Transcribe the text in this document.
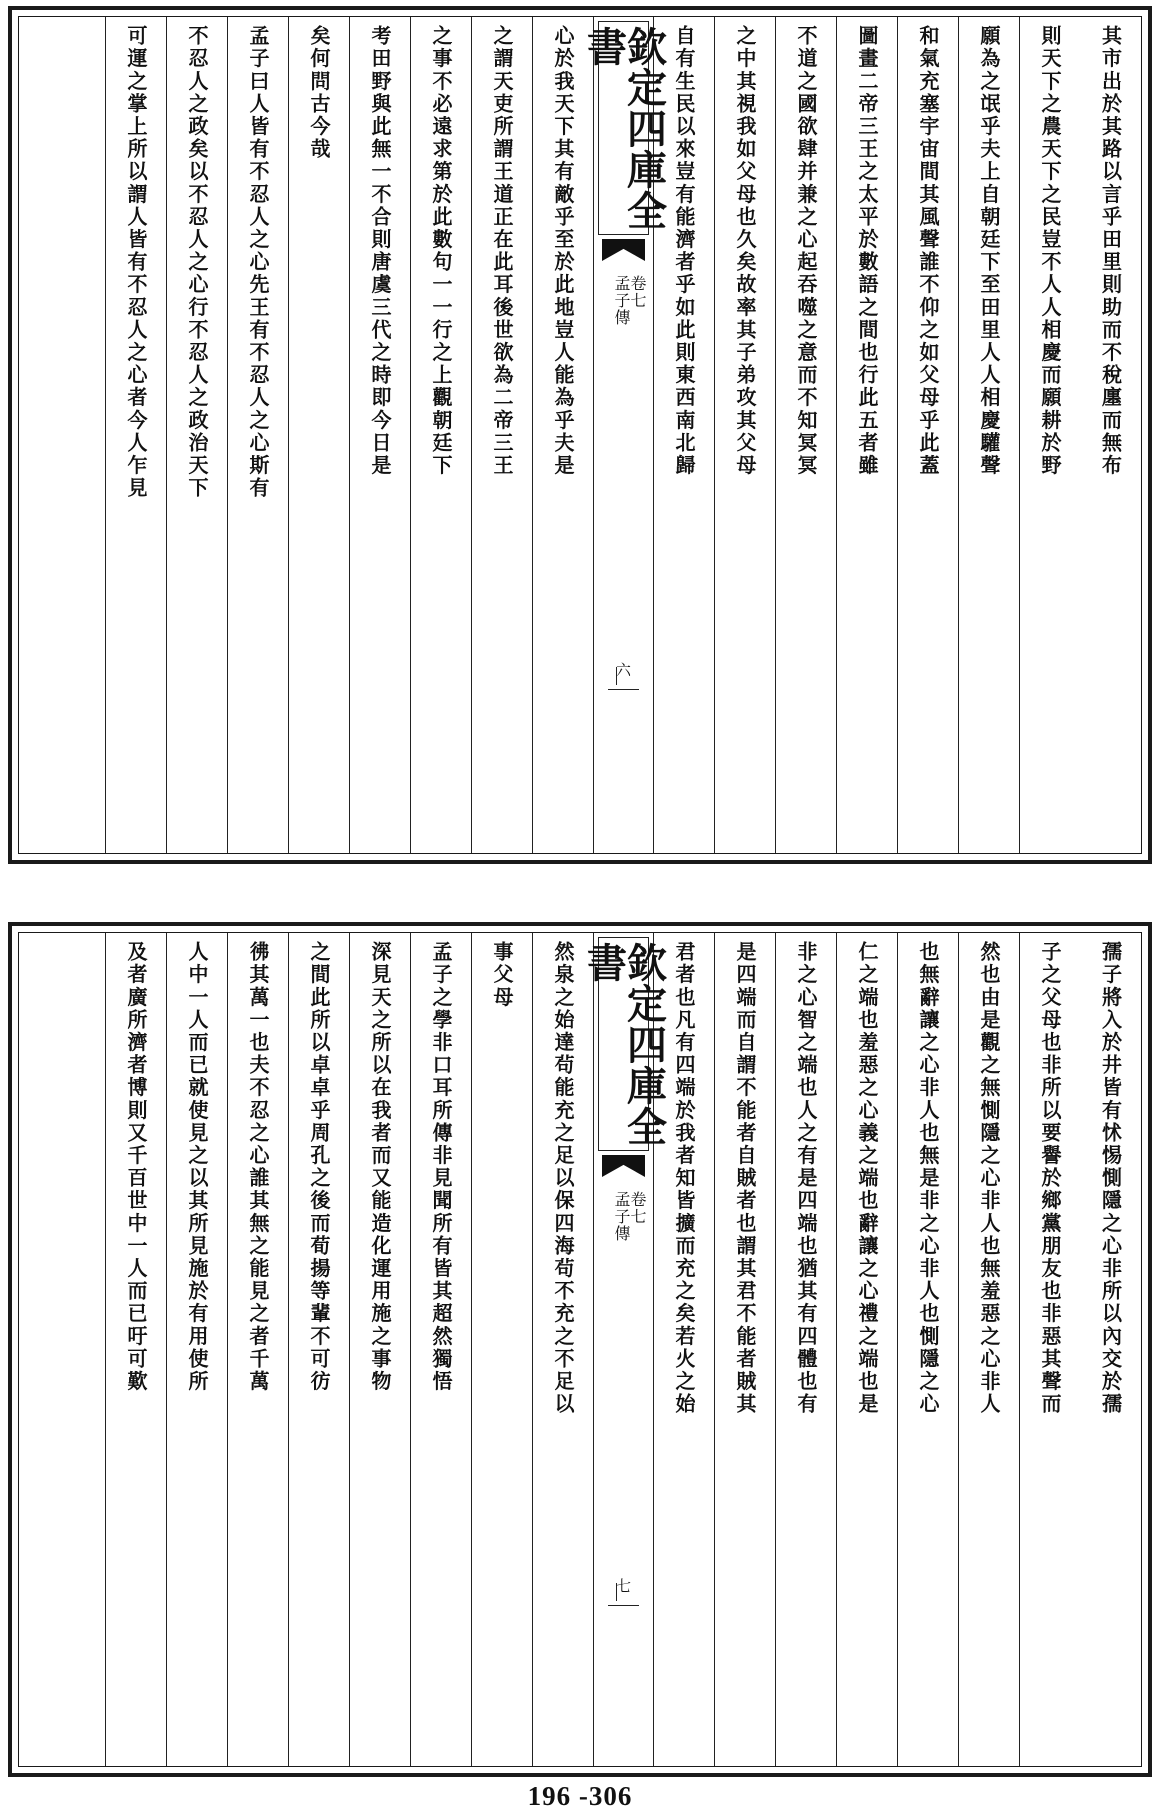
其市出於其路以言乎田里則助而不稅廛而無布
則天下之農天下之民豈不人人相慶而願耕於野
願為之氓乎夫上自朝廷下至田里人人相慶驩聲
和氣充塞宇宙間其風聲誰不仰之如父母乎此蓋
圖畫二帝三王之太平於數語之間也行此五者雖
不道之國欲肆并兼之心起吞噬之意而不知冥冥
之中其視我如父母也久矣故率其子弟攻其父母
自有生民以來豈有能濟者乎如此則東西南北歸
欽定四庫全書
孟子傳
卷七
六
心於我天下其有敵乎至於此地豈人能為乎夫是
之謂天吏所謂王道正在此耳後世欲為二帝三王
之事不必遠求第於此數句一一行之上觀朝廷下
考田野與此無一不合則唐虞三代之時即今日是
矣何問古今哉
孟子曰人皆有不忍人之心先王有不忍人之心斯有
不忍人之政矣以不忍人之心行不忍人之政治天下
可運之掌上所以謂人皆有不忍人之心者今人乍見
孺子將入於井皆有怵惕惻隱之心非所以內交於孺
子之父母也非所以要譽於鄉黨朋友也非惡其聲而
然也由是觀之無惻隱之心非人也無羞惡之心非人
也無辭讓之心非人也無是非之心非人也惻隱之心
仁之端也羞惡之心義之端也辭讓之心禮之端也是
非之心智之端也人之有是四端也猶其有四體也有
是四端而自謂不能者自賊者也謂其君不能者賊其
君者也凡有四端於我者知皆擴而充之矣若火之始
欽定四庫全書
孟子傳
卷七
七
然泉之始達茍能充之足以保四海茍不充之不足以
事父母
孟子之學非口耳所傳非見聞所有皆其超然獨悟
深見天之所以在我者而又能造化運用施之事物
之間此所以卓卓乎周孔之後而荀揚等輩不可彷
彿其萬一也夫不忍之心誰其無之能見之者千萬
人中一人而已就使見之以其所見施於有用使所
及者廣所濟者博則又千百世中一人而已吁可歎
196 -306
